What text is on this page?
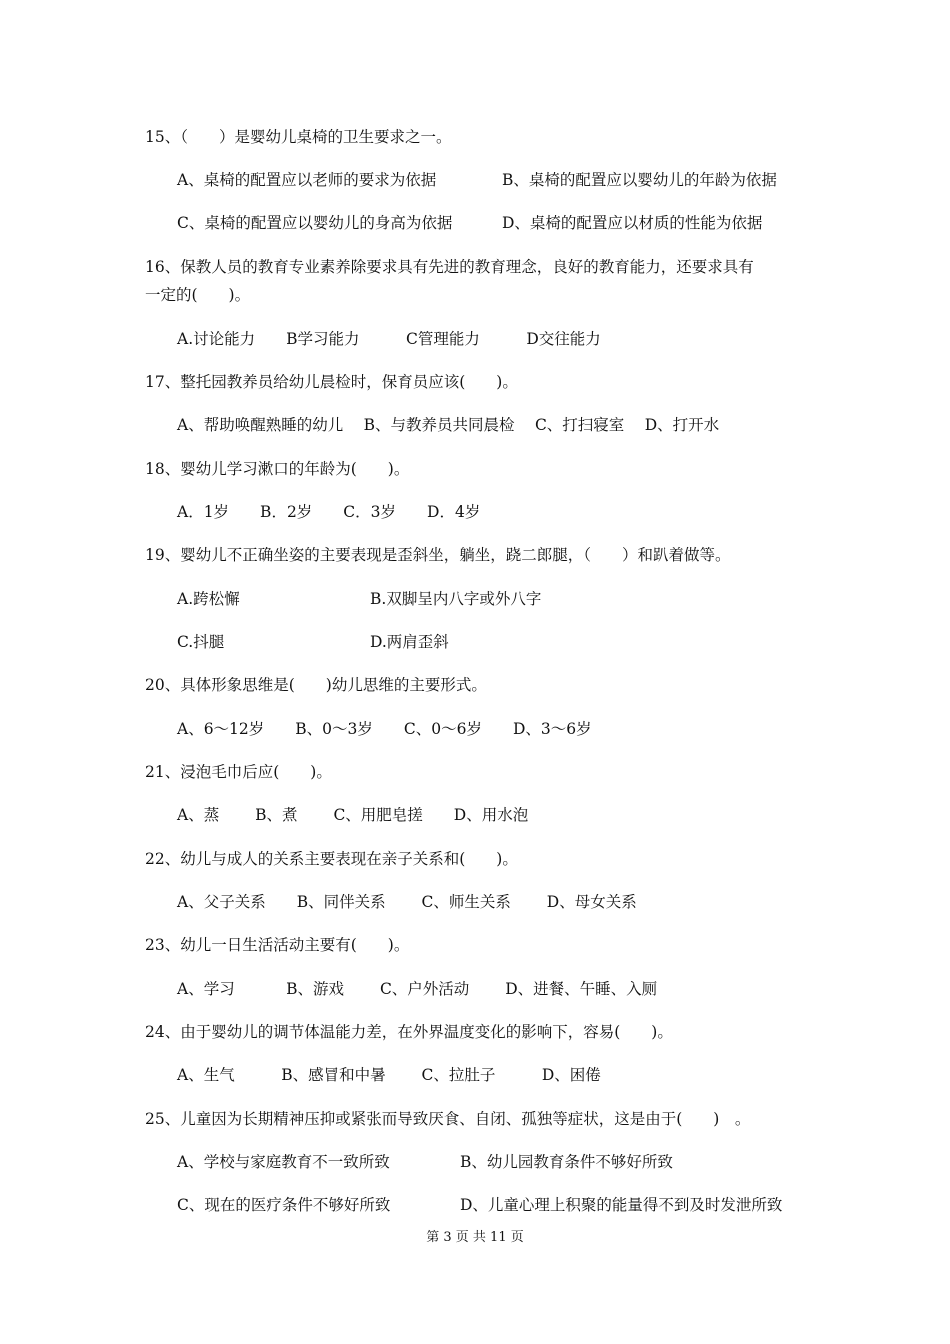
15、（　　）是婴幼儿桌椅的卫生要求之一。
A、桌椅的配置应以老师的要求为依据	B、桌椅的配置应以婴幼儿的年龄为依据
C、桌椅的配置应以婴幼儿的身高为依据	D、桌椅的配置应以材质的性能为依据
16、保教人员的教育专业素养除要求具有先进的教育理念，良好的教育能力，还要求具有
一定的(　　)。
A.讨论能力　　B学习能力　　　C管理能力　　　D交往能力
17、整托园教养员给幼儿晨检时，保育员应该(　　)。
A、帮助唤醒熟睡的幼儿　 B、与教养员共同晨检　 C、打扫寝室　 D、打开水
18、婴幼儿学习漱口的年龄为(　　)。
A．1岁　　B．2岁　　C．3岁　　D．4岁
19、婴幼儿不正确坐姿的主要表现是歪斜坐，躺坐，跷二郎腿，（　　）和趴着做等。
A.跨松懈	B.双脚呈内八字或外八字
C.抖腿	D.两肩歪斜
20、具体形象思维是(　　)幼儿思维的主要形式。
A、6～12岁　　B、0～3岁　　C、0～6岁　　D、3～6岁
21、浸泡毛巾后应(　　)。
A、蒸　　 B、煮　　 C、用肥皂搓　　D、用水泡
22、幼儿与成人的关系主要表现在亲子关系和(　　)。
A、父子关系　　B、同伴关系　　 C、师生关系　　 D、母女关系
23、幼儿一日生活活动主要有(　　)。
A、学习　　　 B、游戏　　 C、户外活动　　 D、进餐、午睡、入厕
24、由于婴幼儿的调节体温能力差，在外界温度变化的影响下，容易(　　)。
A、生气　　　B、感冒和中暑　　 C、拉肚子　　　D、困倦
25、儿童因为长期精神压抑或紧张而导致厌食、自闭、孤独等症状，这是由于(　　)　。
A、学校与家庭教育不一致所致	B、幼儿园教育条件不够好所致
C、现在的医疗条件不够好所致	D、儿童心理上积聚的能量得不到及时发泄所致
第 3 页 共 11 页
